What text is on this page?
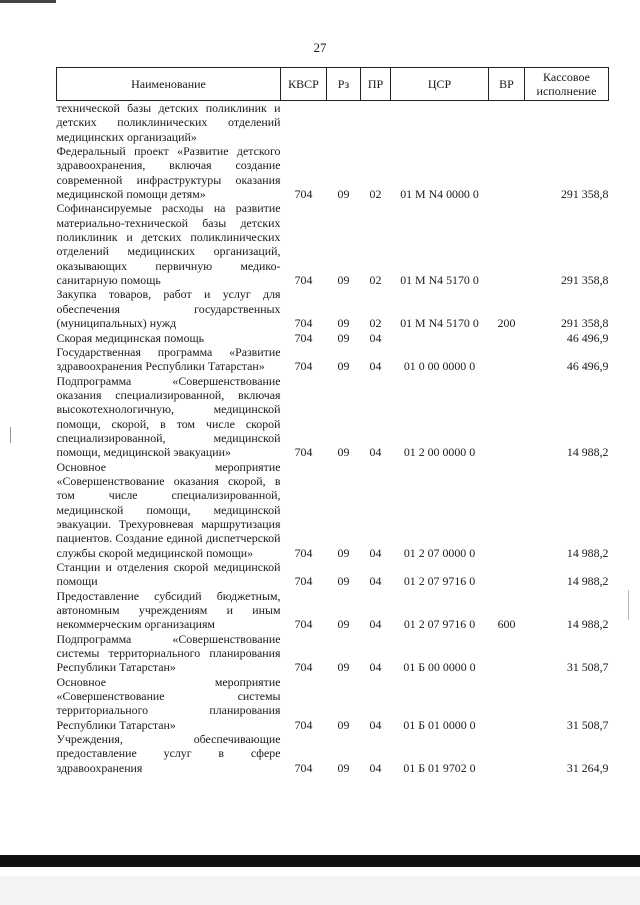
27
Наименование	КВСР	Рз	ПР	ЦСР	ВР	Кассовое исполнение
технической базы детских поликлиник и детских поликлинических отделений медицинских организаций»						
Федеральный проект «Развитие детского здравоохранения, включая создание современной инфраструктуры оказания медицинской помощи детям»	704	09	02	01 М N4 0000 0		291 358,8
Софинансируемые расходы на развитие материально-технической базы детских поликлиник и детских поликлинических отделений медицинских организаций, оказывающих первичную медико-санитарную помощь	704	09	02	01 М N4 5170 0		291 358,8
Закупка товаров, работ и услуг для обеспечения государственных (муниципальных) нужд	704	09	02	01 М N4 5170 0	200	291 358,8
Скорая медицинская помощь	704	09	04			46 496,9
Государственная программа «Развитие здравоохранения Республики Татарстан»	704	09	04	01 0 00 0000 0		46 496,9
Подпрограмма «Совершенствование оказания специализированной, включая высокотехнологичную, медицинской помощи, скорой, в том числе скорой специализированной, медицинской помощи, медицинской эвакуации»	704	09	04	01 2 00 0000 0		14 988,2
Основное мероприятие «Совершенствование оказания скорой, в том числе специализированной, медицинской помощи, медицинской эвакуации. Трехуровневая маршрутизация пациентов. Создание единой диспетчерской службы скорой медицинской помощи»	704	09	04	01 2 07 0000 0		14 988,2
Станции и отделения скорой медицинской помощи	704	09	04	01 2 07 9716 0		14 988,2
Предоставление субсидий бюджетным, автономным учреждениям и иным некоммерческим организациям	704	09	04	01 2 07 9716 0	600	14 988,2
Подпрограмма «Совершенствование системы территориального планирования Республики Татарстан»	704	09	04	01 Б 00 0000 0		31 508,7
Основное мероприятие «Совершенствование системы территориального планирования Республики Татарстан»	704	09	04	01 Б 01 0000 0		31 508,7
Учреждения, обеспечивающие предоставление услуг в сфере здравоохранения	704	09	04	01 Б 01 9702 0		31 264,9
